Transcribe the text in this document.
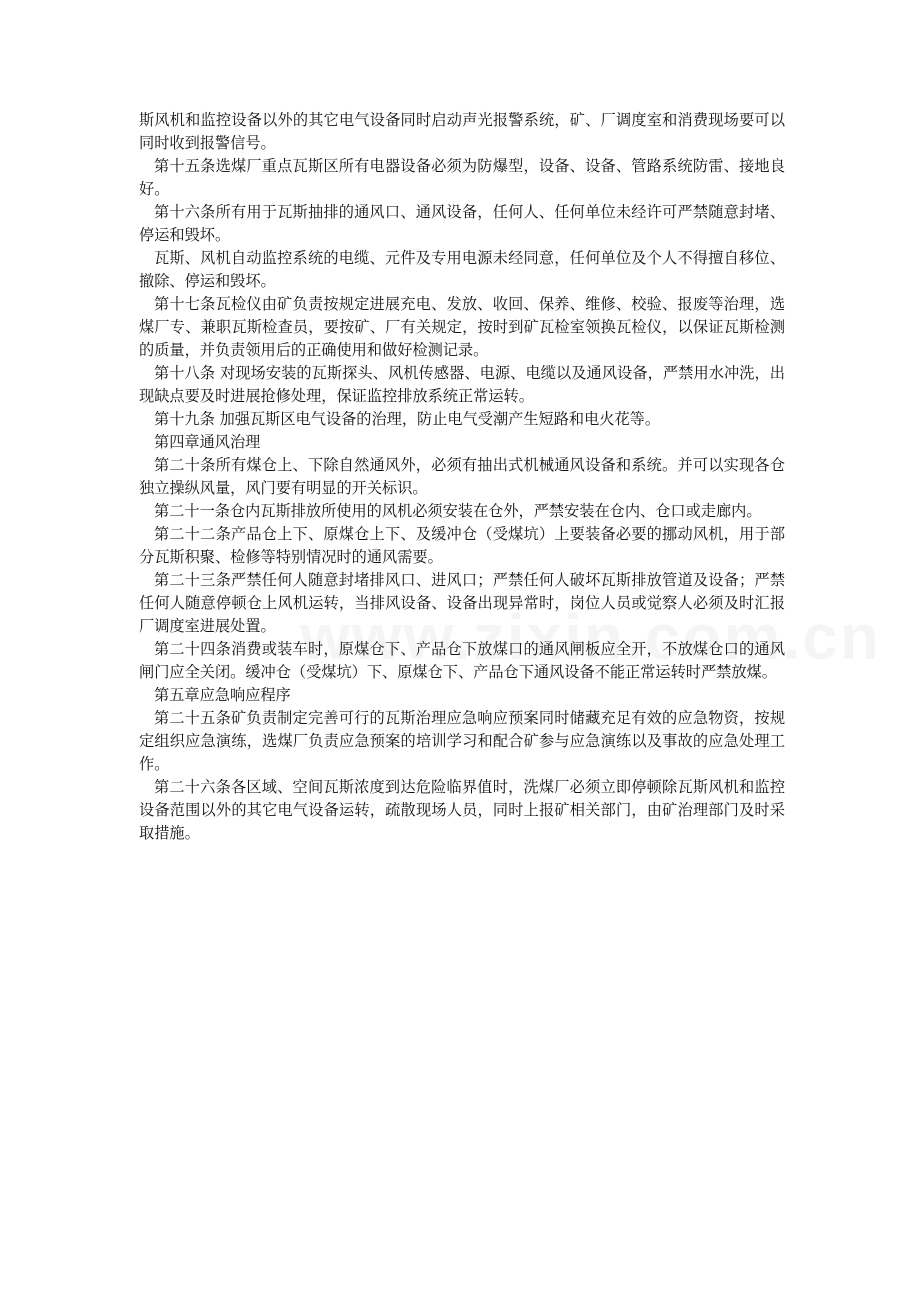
斯风机和监控设备以外的其它电气设备同时启动声光报警系统，矿、厂调度室和消费现场要可以同时收到报警信号。

第十五条选煤厂重点瓦斯区所有电器设备必须为防爆型，设备、设备、管路系统防雷、接地良好。

第十六条所有用于瓦斯抽排的通风口、通风设备，任何人、任何单位未经许可严禁随意封堵、停运和毁坏。

瓦斯、风机自动监控系统的电缆、元件及专用电源未经同意，任何单位及个人不得擅自移位、撤除、停运和毁坏。

第十七条瓦检仪由矿负责按规定进展充电、发放、收回、保养、维修、校验、报废等治理，选煤厂专、兼职瓦斯检查员，要按矿、厂有关规定，按时到矿瓦检室领换瓦检仪，以保证瓦斯检测的质量，并负责领用后的正确使用和做好检测记录。

第十八条 对现场安装的瓦斯探头、风机传感器、电源、电缆以及通风设备，严禁用水冲洗，出现缺点要及时进展抢修处理，保证监控排放系统正常运转。

第十九条 加强瓦斯区电气设备的治理，防止电气受潮产生短路和电火花等。

第四章通风治理

第二十条所有煤仓上、下除自然通风外，必须有抽出式机械通风设备和系统。并可以实现各仓独立操纵风量，风门要有明显的开关标识。

第二十一条仓内瓦斯排放所使用的风机必须安装在仓外，严禁安装在仓内、仓口或走廊内。

第二十二条产品仓上下、原煤仓上下、及缓冲仓（受煤坑）上要装备必要的挪动风机，用于部分瓦斯积聚、检修等特别情况时的通风需要。

第二十三条严禁任何人随意封堵排风口、进风口；严禁任何人破坏瓦斯排放管道及设备；严禁任何人随意停顿仓上风机运转，当排风设备、设备出现异常时，岗位人员或觉察人必须及时汇报厂调度室进展处置。

第二十四条消费或装车时，原煤仓下、产品仓下放煤口的通风闸板应全开，不放煤仓口的通风闸门应全关闭。缓冲仓（受煤坑）下、原煤仓下、产品仓下通风设备不能正常运转时严禁放煤。

第五章应急响应程序

第二十五条矿负责制定完善可行的瓦斯治理应急响应预案同时储藏充足有效的应急物资，按规定组织应急演练，选煤厂负责应急预案的培训学习和配合矿参与应急演练以及事故的应急处理工作。

第二十六条各区域、空间瓦斯浓度到达危险临界值时，洗煤厂必须立即停顿除瓦斯风机和监控设备范围以外的其它电气设备运转，疏散现场人员，同时上报矿相关部门，由矿治理部门及时采取措施。
